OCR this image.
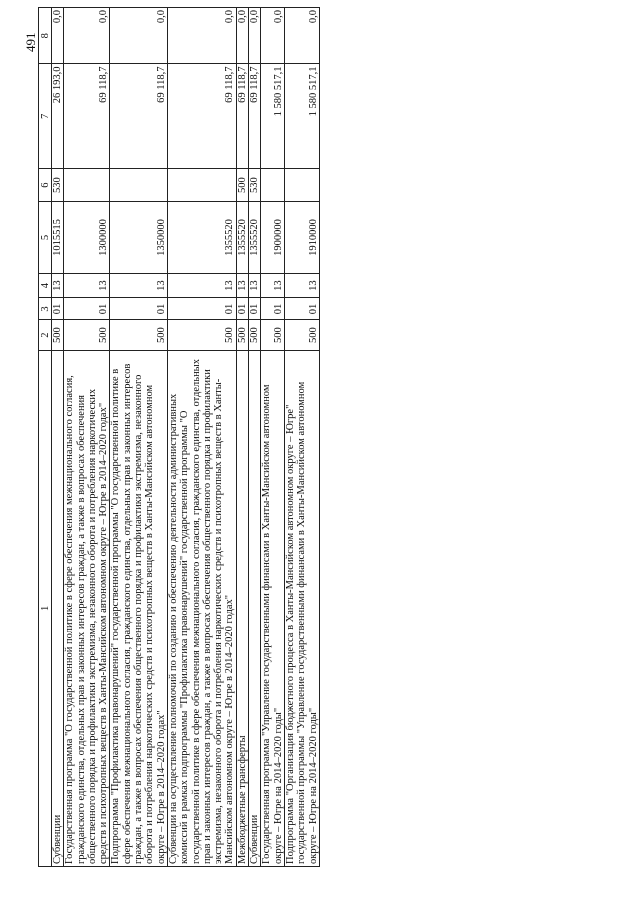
491
1	2	3	4	5	6	7	8
Субвенции	500	01	13	1015515	530	26 193,0	0,0
Государственная программа "О государственной политике в сфере обеспечения межнационального согласия, гражданского единства, отдельных прав и законных интересов граждан, а также в вопросах обеспечения общественного порядка и профилактики экстремизма, незаконного оборота и потребления наркотических средств и психотропных веществ в Ханты-Мансийском автономном округе – Югре в 2014–2020 годах"	500	01	13	1300000		69 118,7	0,0
Подпрограмма "Профилактика правонарушений" государственной программы "О государственной политике в сфере обеспечения межнационального согласия, гражданского единства, отдельных прав и законных интересов граждан, а также в вопросах обеспечения общественного порядка и профилактики экстремизма, незаконного оборота и потребления наркотических средств и психотропных веществ в Ханты-Мансийском автономном округе – Югре в 2014–2020 годах"	500	01	13	1350000		69 118,7	0,0
Субвенции на осуществление полномочий по созданию и обеспечению деятельности административных комиссий в рамках подпрограммы "Профилактика правонарушений" государственной программы "О государственной политике в сфере обеспечения межнационального согласия, гражданского единства, отдельных прав и законных интересов граждан, а также в вопросах обеспечения общественного порядка и профилактики экстремизма, незаконного оборота и потребления наркотических средств и психотропных веществ в Ханты-Мансийском автономном округе – Югре в 2014–2020 годах"	500	01	13	1355520		69 118,7	0,0
Межбюджетные трансферты	500	01	13	1355520	500	69 118,7	0,0
Субвенции	500	01	13	1355520	530	69 118,7	0,0
Государственная программа "Управление государственными финансами в Ханты-Мансийском автономном округе – Югре на 2014–2020 годы"	500	01	13	1900000		1 580 517,1	0,0
Подпрограмма "Организация бюджетного процесса в Ханты-Мансийском автономном округе – Югре" государственной программы "Управление государственными финансами в Ханты-Мансийском автономном округе – Югре на 2014–2020 годы"	500	01	13	1910000		1 580 517,1	0,0
